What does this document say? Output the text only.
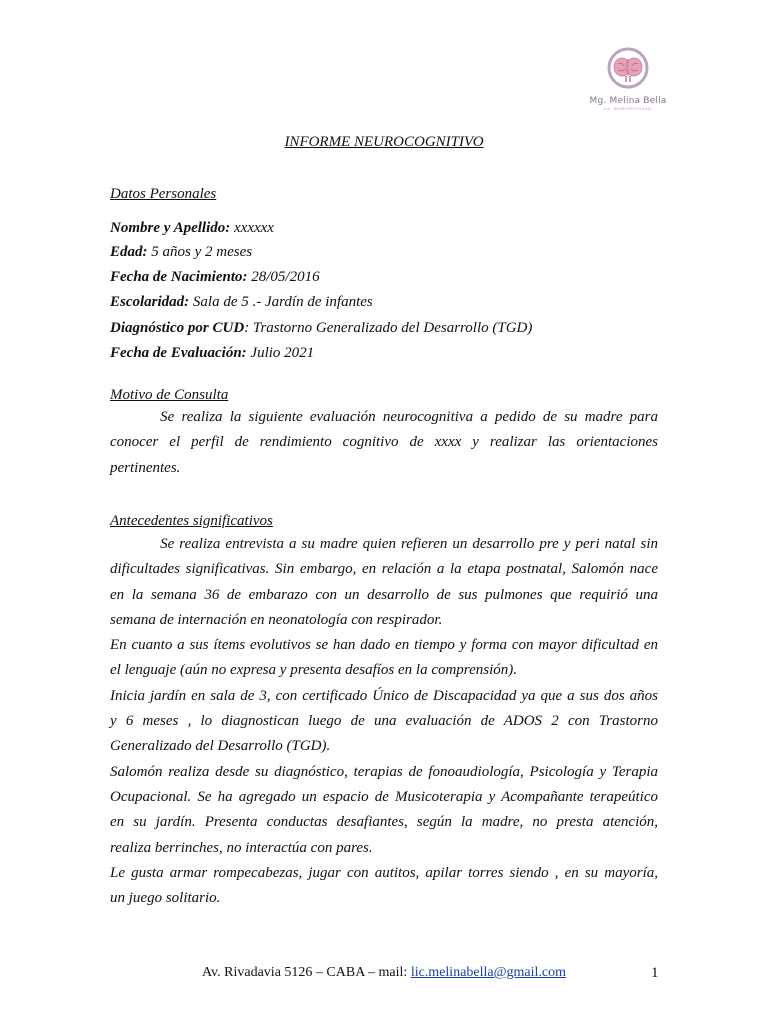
Mg. Melina Bella
LIC. NEUROPSICOLOGÍA
INFORME NEUROCOGNITIVO
Datos Personales
Nombre y Apellido: xxxxxx
Edad: 5 años y 2 meses
Fecha de Nacimiento: 28/05/2016
Escolaridad: Sala de 5 .- Jardín de infantes
Diagnóstico por CUD: Trastorno Generalizado del Desarrollo (TGD)
Fecha de Evaluación: Julio 2021
Motivo de Consulta
Se realiza la siguiente evaluación neurocognitiva a pedido de su madre para
conocer el perfil de rendimiento cognitivo de xxxx y realizar las orientaciones
pertinentes.
Antecedentes significativos
Se realiza entrevista a su madre quien refieren un desarrollo pre y peri natal sin
dificultades significativas. Sin embargo, en relación a la etapa postnatal, Salomón nace
en la semana 36 de embarazo con un desarrollo de sus pulmones que requirió una
semana de internación en neonatología con respirador.
En cuanto a sus ítems evolutivos se han dado en tiempo y forma con mayor dificultad en
el lenguaje (aún no expresa y presenta desafíos en la comprensión).
Inicia jardín en sala de 3, con certificado Único de Discapacidad ya que a sus dos años
y 6 meses , lo diagnostican luego de una evaluación de ADOS 2 con Trastorno
Generalizado del Desarrollo (TGD).
Salomón realiza desde su diagnóstico, terapias de fonoaudiología, Psicología y Terapia
Ocupacional. Se ha agregado un espacio de Musicoterapia y Acompañante terapeútico
en su jardín. Presenta conductas desafiantes, según la madre, no presta atención,
realiza berrinches, no interactúa con pares.
Le gusta armar rompecabezas, jugar con autitos, apilar torres siendo , en su mayoría,
un juego solitario.
Av. Rivadavia 5126 – CABA – mail: lic.melinabella@gmail.com	1
